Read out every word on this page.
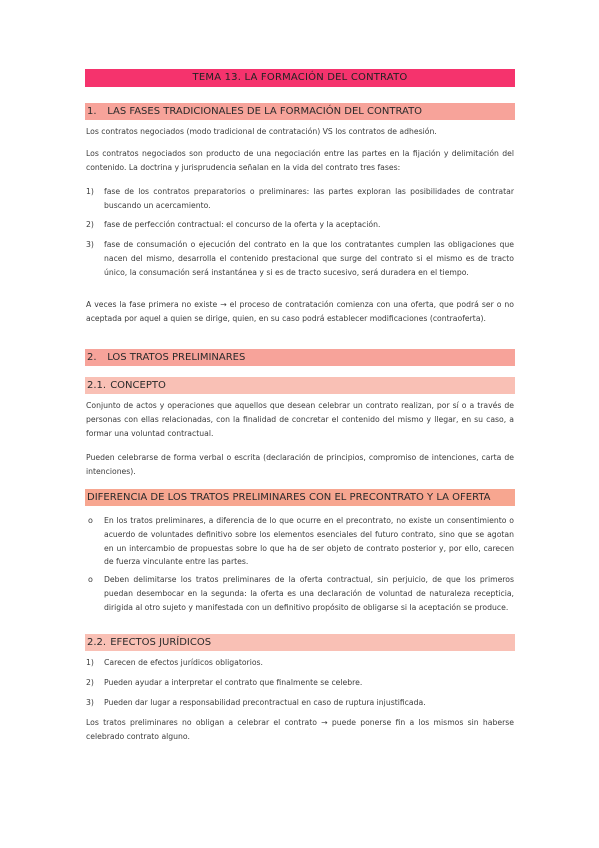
TEMA 13. LA FORMACIÓN DEL CONTRATO
1. LAS FASES TRADICIONALES DE LA FORMACIÓN DEL CONTRATO

Los contratos negociados (modo tradicional de contratación) VS los contratos de adhesión.

Los contratos negociados son producto de una negociación entre las partes en la fijación y delimitación del contenido. La doctrina y jurisprudencia señalan en la vida del contrato tres fases:

1)	fase de los contratos preparatorios o preliminares: las partes exploran las posibilidades de contratar buscando un acercamiento.
2)	fase de perfección contractual: el concurso de la oferta y la aceptación.
3)	fase de consumación o ejecución del contrato en la que los contratantes cumplen las obligaciones que nacen del mismo, desarrolla el contenido prestacional que surge del contrato si el mismo es de tracto único, la consumación será instantánea y si es de tracto sucesivo, será duradera en el tiempo.

A veces la fase primera no existe → el proceso de contratación comienza con una oferta, que podrá ser o no aceptada por aquel a quien se dirige, quien, en su caso podrá establecer modificaciones (contraoferta).

2. LOS TRATOS PRELIMINARES
2.1. CONCEPTO

Conjunto de actos y operaciones que aquellos que desean celebrar un contrato realizan, por sí o a través de personas con ellas relacionadas, con la finalidad de concretar el contenido del mismo y llegar, en su caso, a formar una voluntad contractual.

Pueden celebrarse de forma verbal o escrita (declaración de principios, compromiso de intenciones, carta de intenciones).

DIFERENCIA DE LOS TRATOS PRELIMINARES CON EL PRECONTRATO Y LA OFERTA
o	En los tratos preliminares, a diferencia de lo que ocurre en el precontrato, no existe un consentimiento o acuerdo de voluntades definitivo sobre los elementos esenciales del futuro contrato, sino que se agotan en un intercambio de propuestas sobre lo que ha de ser objeto de contrato posterior y, por ello, carecen de fuerza vinculante entre las partes.
o	Deben delimitarse los tratos preliminares de la oferta contractual, sin perjuicio, de que los primeros puedan desembocar en la segunda: la oferta es una declaración de voluntad de naturaleza recepticia, dirigida al otro sujeto y manifestada con un definitivo propósito de obligarse si la aceptación se produce.
2.2. EFECTOS JURÍDICOS
1)	Carecen de efectos jurídicos obligatorios.
2)	Pueden ayudar a interpretar el contrato que finalmente se celebre.
3)	Pueden dar lugar a responsabilidad precontractual en caso de ruptura injustificada.

Los tratos preliminares no obligan a celebrar el contrato → puede ponerse fin a los mismos sin haberse celebrado contrato alguno.
